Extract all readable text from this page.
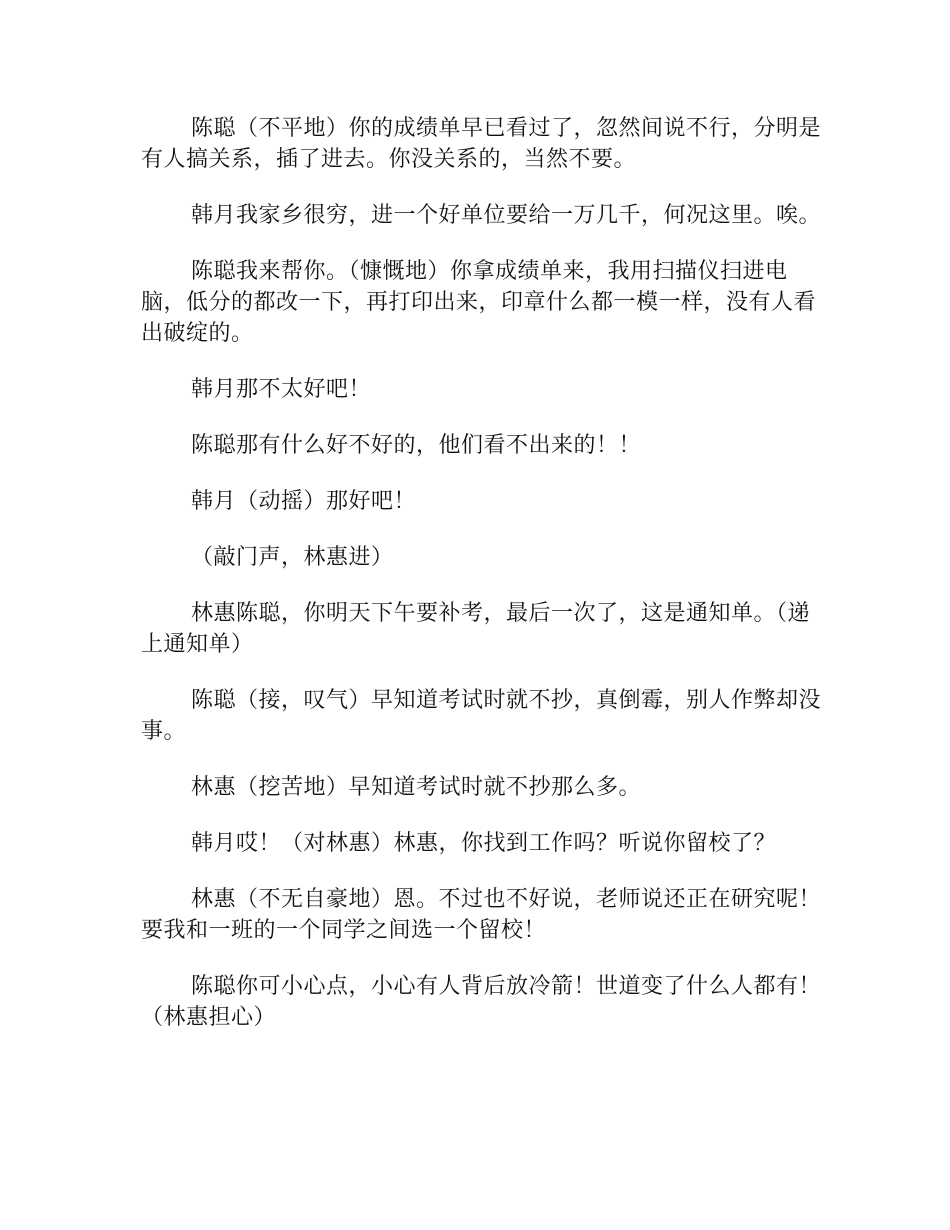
陈聪（不平地）你的成绩单早已看过了，忽然间说不行，分明是有人搞关系，插了进去。你没关系的，当然不要。

韩月我家乡很穷，进一个好单位要给一万几千，何况这里。唉。

陈聪我来帮你。（慷慨地）你拿成绩单来，我用扫描仪扫进电脑，低分的都改一下，再打印出来，印章什么都一模一样，没有人看出破绽的。

韩月那不太好吧！

陈聪那有什么好不好的，他们看不出来的！！

韩月（动摇）那好吧！

（敲门声，林惠进）

林惠陈聪，你明天下午要补考，最后一次了，这是通知单。（递上通知单）

陈聪（接，叹气）早知道考试时就不抄，真倒霉，别人作弊却没事。

林惠（挖苦地）早知道考试时就不抄那么多。

韩月哎！（对林惠）林惠，你找到工作吗？听说你留校了？

林惠（不无自豪地）恩。不过也不好说，老师说还正在研究呢！要我和一班的一个同学之间选一个留校！

陈聪你可小心点，小心有人背后放冷箭！世道变了什么人都有！（林惠担心）
